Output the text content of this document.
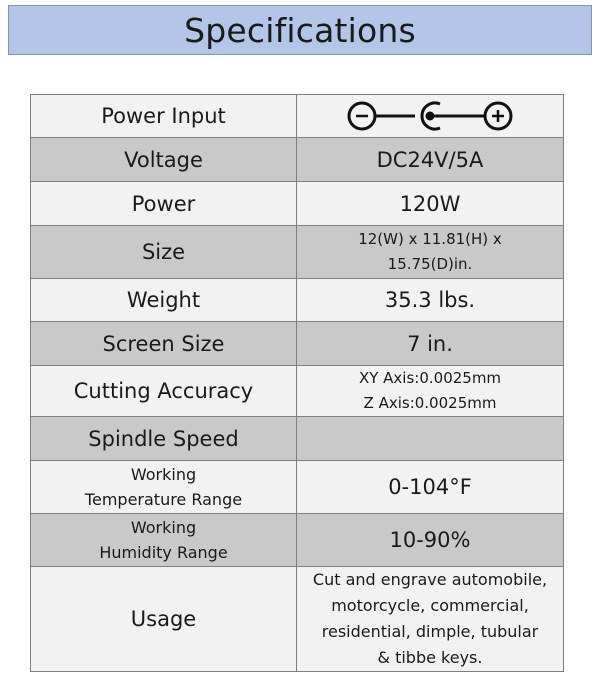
Specifications
Power Input	

Voltage	DC24V/5A
Power	120W
Size	12(W) x 11.81(H) x
15.75(D)in.

Weight	35.3 lbs.
Screen Size	7 in.
Cutting Accuracy	XY Axis:0.0025mm
Z Axis:0.0025mm

Spindle Speed	

Working
Temperature Range	0-104°F

Working
Humidity Range	10-90%
Usage	Cut and engrave automobile,
motorcycle, commercial,
residential, dimple, tubular
& tibbe keys.
